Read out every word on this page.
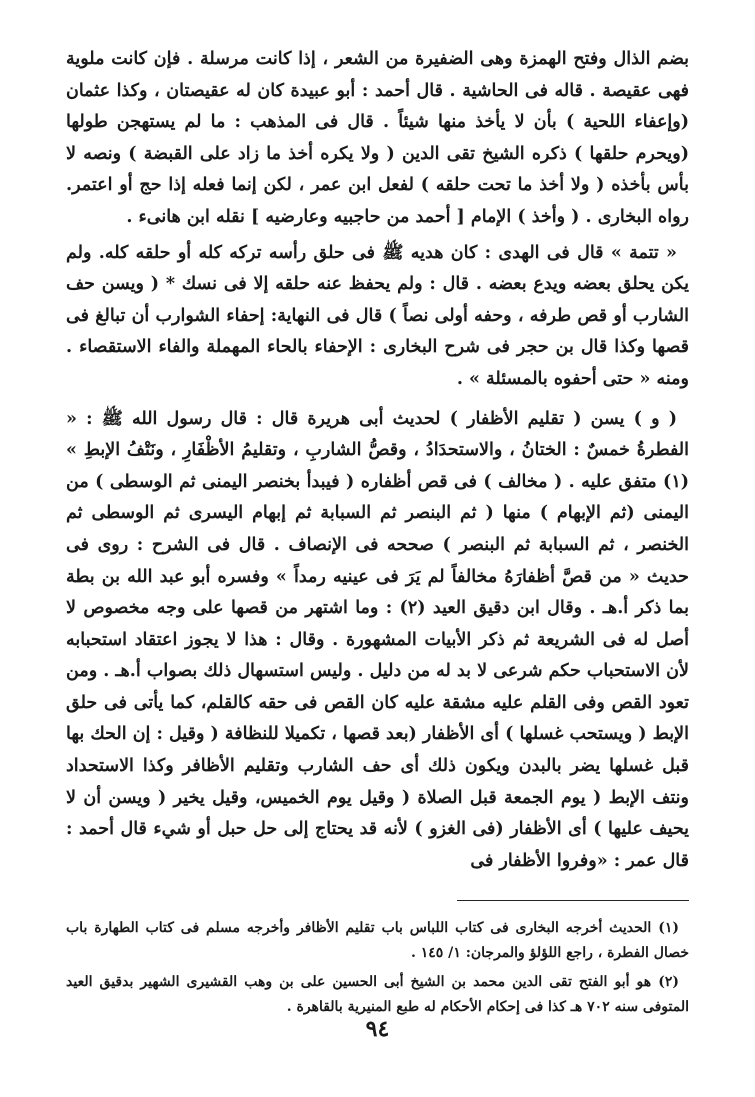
بضم الذال وفتح الهمزة وهى الضفيرة من الشعر ، إذا كانت مرسلة . فإن كانت ملوية فهى عقيصة . قاله فى الحاشية . قال أحمد : أبو عبيدة كان له عقيصتان ، وكذا عثمان (وإعفاء اللحية ) بأن لا يأخذ منها شيئاً . قال فى المذهب : ما لم يستهجن طولها (ويحرم حلقها ) ذكره الشيخ تقى الدين ( ولا يكره أخذ ما زاد على القبضة ) ونصه لا بأس بأخذه ( ولا أخذ ما تحت حلقه ) لفعل ابن عمر ، لكن إنما فعله إذا حج أو اعتمر. رواه البخارى . ( وأخذ ) الإمام [ أحمد من حاجبيه وعارضيه ] نقله ابن هانىء .

« تتمة » قال فى الهدى : كان هديه ﷺ فى حلق رأسه تركه كله أو حلقه كله. ولم يكن يحلق بعضه ويدع بعضه . قال : ولم يحفظ عنه حلقه إلا فى نسك * ( ويسن حف الشارب أو قص طرفه ، وحفه أولى نصاً ) قال فى النهاية: إحفاء الشوارب أن تبالغ فى قصها وكذا قال بن حجر فى شرح البخارى : الإحفاء بالحاء المهملة والفاء الاستقصاء . ومنه « حتى أحفوه بالمسئلة » .

( و ) يسن ( تقليم الأظفار ) لحديث أبى هريرة قال : قال رسول الله ﷺ : « الفطرةُ خمسٌ : الختانُ ، والاستحدَادُ ، وقصُّ الشاربِ ، وتقليمُ الأظْفَارِ ، ونَتْفُ الإبطِ » (١) متفق عليه . ( مخالف ) فى قص أظفاره ( فيبدأ بخنصر اليمنى ثم الوسطى ) من اليمنى (ثم الإبهام ) منها ( ثم البنصر ثم السبابة ثم إبهام اليسرى ثم الوسطى ثم الخنصر ، ثم السبابة ثم البنصر ) صححه فى الإنصاف . قال فى الشرح : روى فى حديث « من قصَّ أظفارَهُ مخالفاً لم يَرَ فى عينيه رمداً » وفسره أبو عبد الله بن بطة بما ذكر أ.هـ . وقال ابن دقيق العيد (٢) : وما اشتهر من قصها على وجه مخصوص لا أصل له فى الشريعة ثم ذكر الأبيات المشهورة . وقال : هذا لا يجوز اعتقاد استحبابه لأن الاستحباب حكم شرعى لا بد له من دليل . وليس استسهال ذلك بصواب أ.هـ . ومن تعود القص وفى القلم عليه مشقة عليه كان القص فى حقه كالقلم، كما يأتى فى حلق الإبط ( ويستحب غسلها ) أى الأظفار (بعد قصها ، تكميلا للنظافة ( وقيل : إن الحك بها قبل غسلها يضر بالبدن ويكون ذلك أى حف الشارب وتقليم الأظافر وكذا الاستحداد ونتف الإبط ( يوم الجمعة قبل الصلاة ( وقيل يوم الخميس، وقيل يخير ( ويسن أن لا يحيف عليها ) أى الأظفار (فى الغزو ) لأنه قد يحتاج إلى حل حبل أو شيء قال أحمد : قال عمر : «وفروا الأظفار فى

(١) الحديث أخرجه البخارى فى كتاب اللباس باب تقليم الأظافر وأخرجه مسلم فى كتاب الطهارة باب خصال الفطرة ، راجع اللؤلؤ والمرجان: ١/ ١٤٥ .

(٢) هو أبو الفتح تقى الدين محمد بن الشيخ أبى الحسين على بن وهب القشيرى الشهير بدقيق العيد المتوفى سنه ٧٠٢ هـ كذا فى إحكام الأحكام له طبع المنيرية بالقاهرة .

٩٤
